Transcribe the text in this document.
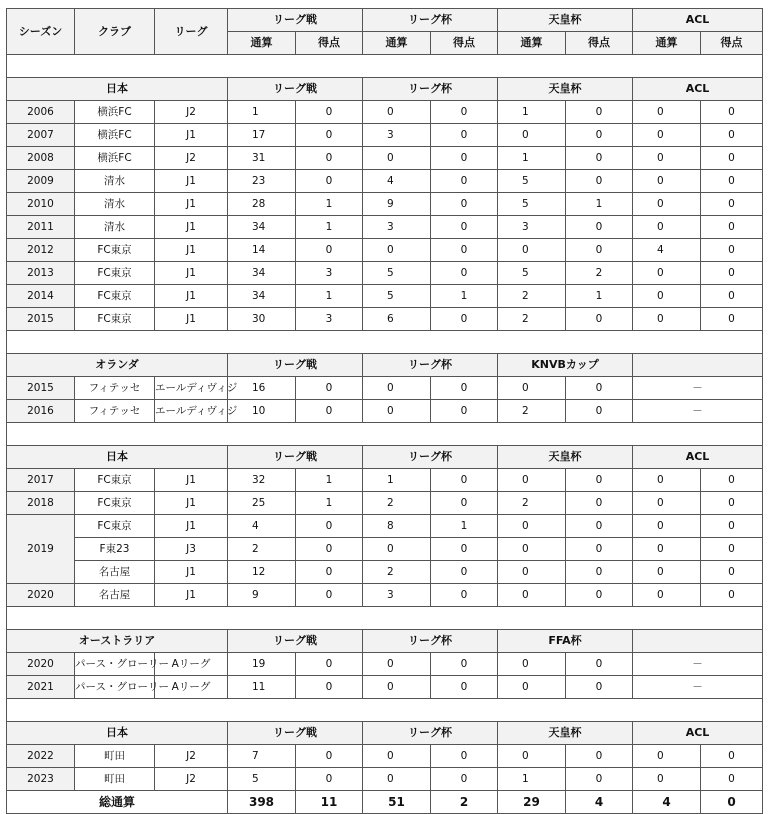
シーズン	クラブ	リーグ	リーグ戦		リーグ杯		天皇杯		ACL	
			通算	得点	通算	得点	通算	得点	通算	得点

日本			リーグ戦		リーグ杯		天皇杯		ACL	
2006	横浜FC	J2	1	0	0	0	1	0	0	0
2007	横浜FC	J1	17	0	3	0	0	0	0	0
2008	横浜FC	J2	31	0	0	0	1	0	0	0
2009	清水	J1	23	0	4	0	5	0	0	0
2010	清水	J1	28	1	9	0	5	1	0	0
2011	清水	J1	34	1	3	0	3	0	0	0
2012	FC東京	J1	14	0	0	0	0	0	4	0
2013	FC東京	J1	34	3	5	0	5	2	0	0
2014	FC東京	J1	34	1	5	1	2	1	0	0
2015	FC東京	J1	30	3	6	0	2	0	0	0

オランダ			リーグ戦		リーグ杯		KNVBカップ			
2015	フィテッセ	エールディヴィジ	16	0	0	0	0	0	－	
2016	フィテッセ	エールディヴィジ	10	0	0	0	2	0	－	

日本			リーグ戦		リーグ杯		天皇杯		ACL	
2017	FC東京	J1	32	1	1	0	0	0	0	0
2018	FC東京	J1	25	1	2	0	2	0	0	0
2019	FC東京	J1	4	0	8	1	0	0	0	0
	F東23	J3	2	0	0	0	0	0	0	0
	名古屋	J1	12	0	2	0	0	0	0	0
2020	名古屋	J1	9	0	3	0	0	0	0	0

オーストラリア			リーグ戦		リーグ杯		FFA杯			
2020	パース・グローリー	Aリーグ	19	0	0	0	0	0	－	
2021	パース・グローリー	Aリーグ	11	0	0	0	0	0	－	

日本			リーグ戦		リーグ杯		天皇杯		ACL	
2022	町田	J2	7	0	0	0	0	0	0	0
2023	町田	J2	5	0	0	0	1	0	0	0
総通算			398	11	51	2	29	4	4	0
